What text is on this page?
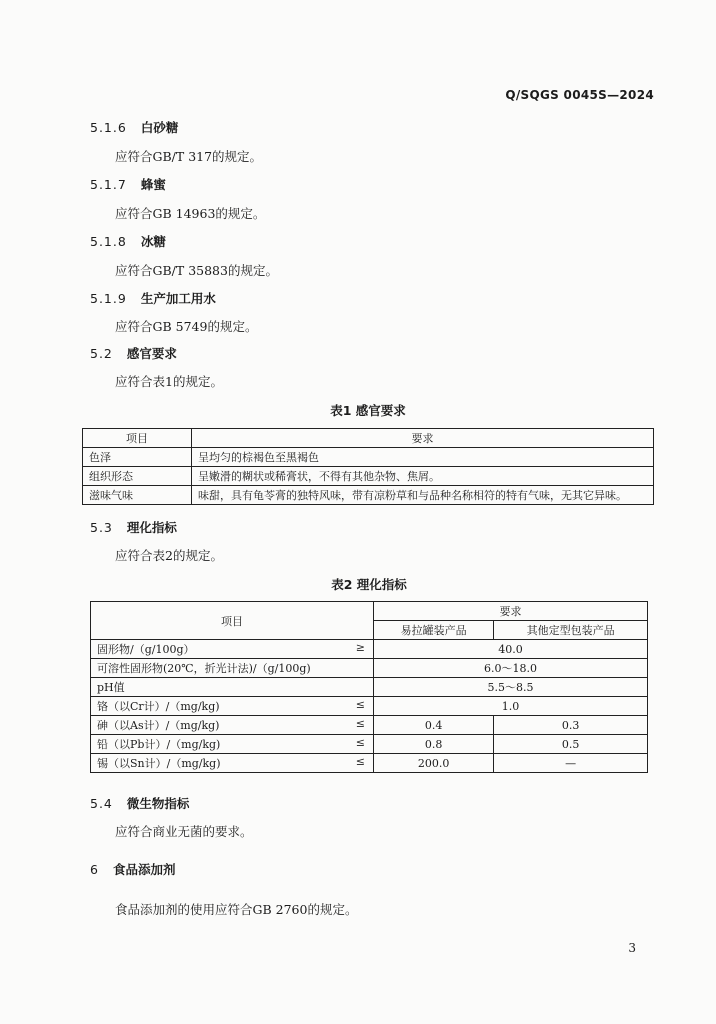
Q/SQGS 0045S—2024
5.1.6 白砂糖
应符合GB/T 317的规定。
5.1.7 蜂蜜
应符合GB 14963的规定。
5.1.8 冰糖
应符合GB/T 35883的规定。
5.1.9 生产加工用水
应符合GB 5749的规定。
5.2 感官要求
应符合表1的规定。
表1 感官要求
项目	要求
色泽	呈均匀的棕褐色至黑褐色
组织形态	呈嫩滑的糊状或稀膏状，不得有其他杂物、焦屑。
滋味气味	味甜，具有龟苓膏的独特风味，带有凉粉草和与品种名称相符的特有气味，无其它异味。
5.3 理化指标
应符合表2的规定。
表2 理化指标
项目	要求	
	易拉罐装产品	其他定型包装产品
固形物/（g/100g） ≥	40.0	
可溶性固形物(20℃，折光计法)/（g/100g)	6.0～18.0	
pH值	5.5～8.5	
铬（以Cr计）/（mg/kg) ≤	1.0	
砷（以As计）/（mg/kg) ≤	0.4	0.3
铅（以Pb计）/（mg/kg) ≤	0.8	0.5
锡（以Sn计）/（mg/kg) ≤	200.0	—
5.4 微生物指标
应符合商业无菌的要求。
6 食品添加剂
食品添加剂的使用应符合GB 2760的规定。
3
